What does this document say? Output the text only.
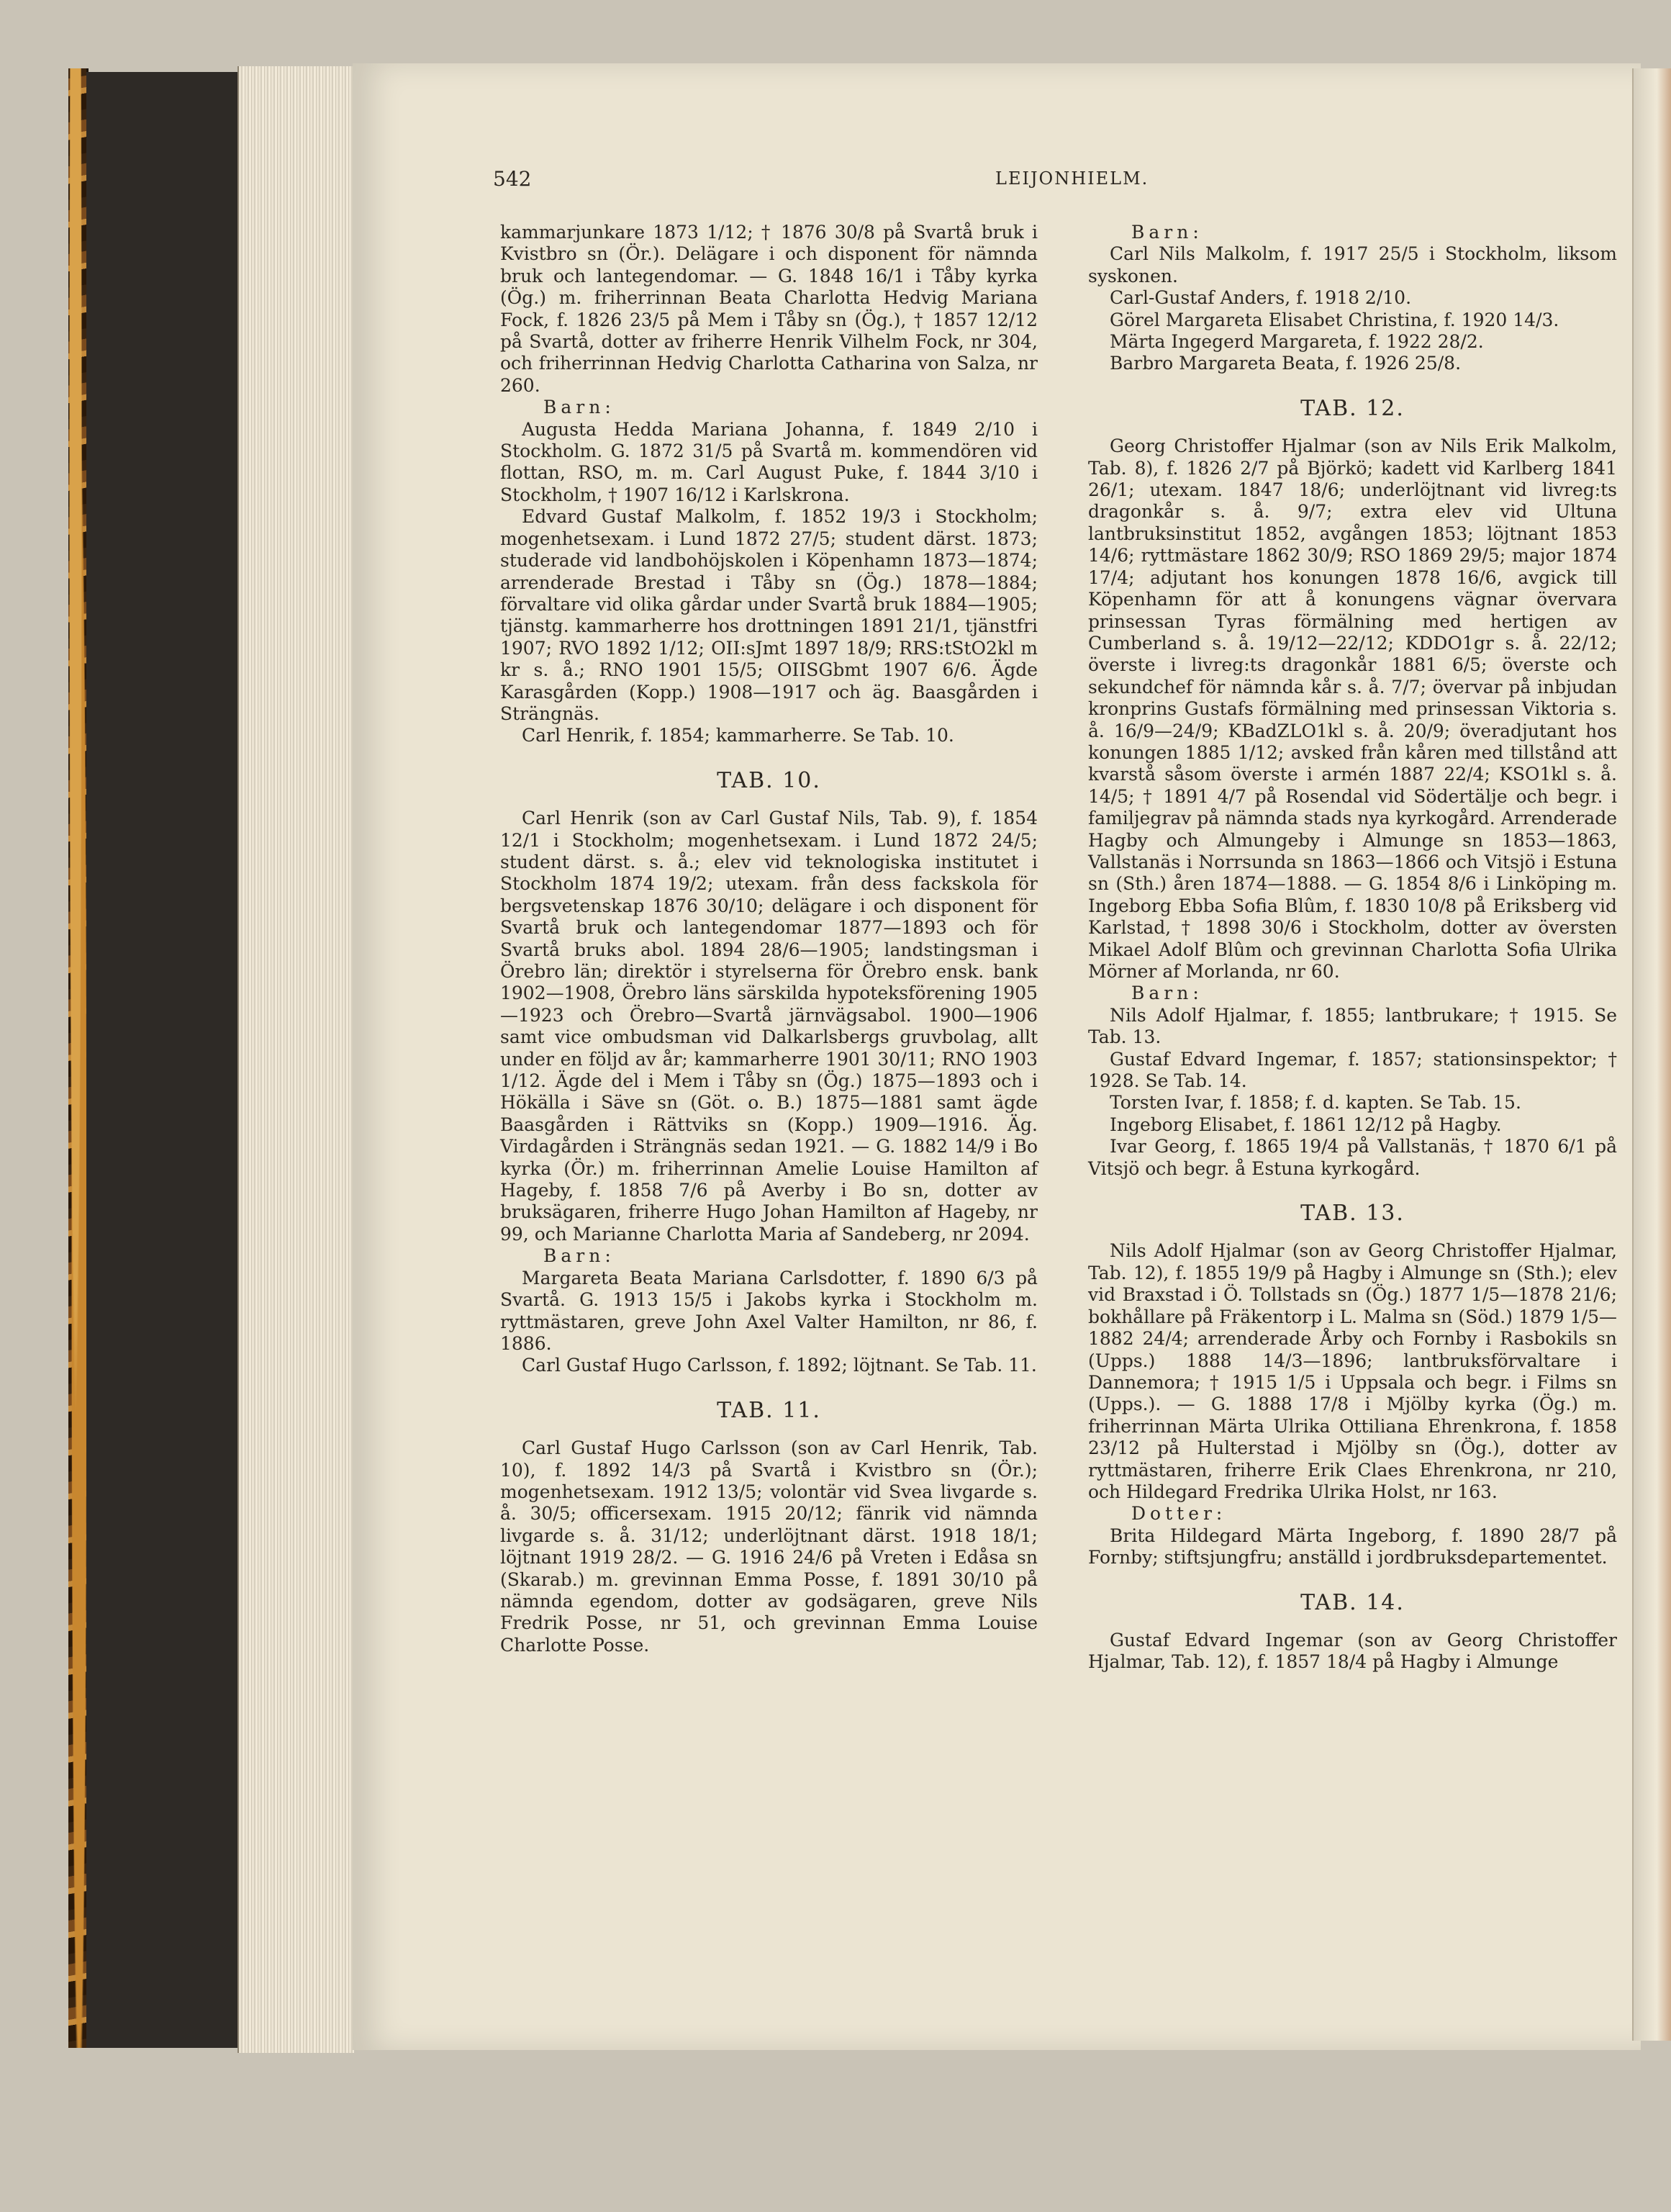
542	LEIJONHIELM.

kammarjunkare 1873 1/12; † 1876 30/8 på Svartå bruk i Kvistbro sn (Ör.). Delägare i och disponent för nämnda bruk och lantegendomar. — G. 1848 16/1 i Tåby kyrka (Ög.) m. friherrinnan Beata Charlotta Hedvig Mariana Fock, f. 1826 23/5 på Mem i Tåby sn (Ög.), † 1857 12/12 på Svartå, dotter av friherre Henrik Vilhelm Fock, nr 304, och friherrinnan Hedvig Charlotta Catharina von Salza, nr 260.

Barn:

Augusta Hedda Mariana Johanna, f. 1849 2/10 i Stockholm. G. 1872 31/5 på Svartå m. kommendören vid flottan, RSO, m. m. Carl August Puke, f. 1844 3/10 i Stockholm, † 1907 16/12 i Karlskrona.

Edvard Gustaf Malkolm, f. 1852 19/3 i Stockholm; mogenhetsexam. i Lund 1872 27/5; student därst. 1873; studerade vid landbohöjskolen i Köpenhamn 1873—1874; arrenderade Brestad i Tåby sn (Ög.) 1878—1884; förvaltare vid olika gårdar under Svartå bruk 1884—1905; tjänstg. kammarherre hos drottningen 1891 21/1, tjänstfri 1907; RVO 1892 1/12; OII:sJmt 1897 18/9; RRS:tStO2kl m kr s. å.; RNO 1901 15/5; OIISGbmt 1907 6/6. Ägde Karasgården (Kopp.) 1908—1917 och äg. Baasgården i Strängnäs.

Carl Henrik, f. 1854; kammarherre. Se Tab. 10.

TAB. 10.

Carl Henrik (son av Carl Gustaf Nils, Tab. 9), f. 1854 12/1 i Stockholm; mogenhetsexam. i Lund 1872 24/5; student därst. s. å.; elev vid teknologiska institutet i Stockholm 1874 19/2; utexam. från dess fackskola för bergsvetenskap 1876 30/10; delägare i och disponent för Svartå bruk och lantegendomar 1877—1893 och för Svartå bruks abol. 1894 28/6—1905; landstingsman i Örebro län; direktör i styrelserna för Örebro ensk. bank 1902—1908, Örebro läns särskilda hypoteksförening 1905—1923 och Örebro—Svartå järnvägsabol. 1900—1906 samt vice ombudsman vid Dalkarlsbergs gruvbolag, allt under en följd av år; kammarherre 1901 30/11; RNO 1903 1/12. Ägde del i Mem i Tåby sn (Ög.) 1875—1893 och i Hökälla i Säve sn (Göt. o. B.) 1875—1881 samt ägde Baasgården i Rättviks sn (Kopp.) 1909—1916. Äg. Virdagården i Strängnäs sedan 1921. — G. 1882 14/9 i Bo kyrka (Ör.) m. friherrinnan Amelie Louise Hamilton af Hageby, f. 1858 7/6 på Averby i Bo sn, dotter av bruksägaren, friherre Hugo Johan Hamilton af Hageby, nr 99, och Marianne Charlotta Maria af Sandeberg, nr 2094.

Barn:

Margareta Beata Mariana Carlsdotter, f. 1890 6/3 på Svartå. G. 1913 15/5 i Jakobs kyrka i Stockholm m. ryttmästaren, greve John Axel Valter Hamilton, nr 86, f. 1886.

Carl Gustaf Hugo Carlsson, f. 1892; löjtnant. Se Tab. 11.

TAB. 11.

Carl Gustaf Hugo Carlsson (son av Carl Henrik, Tab. 10), f. 1892 14/3 på Svartå i Kvistbro sn (Ör.); mogenhetsexam. 1912 13/5; volontär vid Svea livgarde s. å. 30/5; officersexam. 1915 20/12; fänrik vid nämnda livgarde s. å. 31/12; underlöjtnant därst. 1918 18/1; löjtnant 1919 28/2. — G. 1916 24/6 på Vreten i Edåsa sn (Skarab.) m. grevinnan Emma Posse, f. 1891 30/10 på nämnda egendom, dotter av godsägaren, greve Nils Fredrik Posse, nr 51, och grevinnan Emma Louise Charlotte Posse.

Barn:

Carl Nils Malkolm, f. 1917 25/5 i Stockholm, liksom syskonen.

Carl-Gustaf Anders, f. 1918 2/10.

Görel Margareta Elisabet Christina, f. 1920 14/3.

Märta Ingegerd Margareta, f. 1922 28/2.

Barbro Margareta Beata, f. 1926 25/8.

TAB. 12.

Georg Christoffer Hjalmar (son av Nils Erik Malkolm, Tab. 8), f. 1826 2/7 på Björkö; kadett vid Karlberg 1841 26/1; utexam. 1847 18/6; underlöjtnant vid livreg:ts dragonkår s. å. 9/7; extra elev vid Ultuna lantbruksinstitut 1852, avgången 1853; löjtnant 1853 14/6; ryttmästare 1862 30/9; RSO 1869 29/5; major 1874 17/4; adjutant hos konungen 1878 16/6, avgick till Köpenhamn för att å konungens vägnar övervara prinsessan Tyras förmälning med hertigen av Cumberland s. å. 19/12—22/12; KDDO1gr s. å. 22/12; överste i livreg:ts dragonkår 1881 6/5; överste och sekundchef för nämnda kår s. å. 7/7; övervar på inbjudan kronprins Gustafs förmälning med prinsessan Viktoria s. å. 16/9—24/9; KBadZLO1kl s. å. 20/9; överadjutant hos konungen 1885 1/12; avsked från kåren med tillstånd att kvarstå såsom överste i armén 1887 22/4; KSO1kl s. å. 14/5; † 1891 4/7 på Rosendal vid Södertälje och begr. i familjegrav på nämnda stads nya kyrkogård. Arrenderade Hagby och Almungeby i Almunge sn 1853—1863, Vallstanäs i Norrsunda sn 1863—1866 och Vitsjö i Estuna sn (Sth.) åren 1874—1888. — G. 1854 8/6 i Linköping m. Ingeborg Ebba Sofia Blûm, f. 1830 10/8 på Eriksberg vid Karlstad, † 1898 30/6 i Stockholm, dotter av översten Mikael Adolf Blûm och grevinnan Charlotta Sofia Ulrika Mörner af Morlanda, nr 60.

Barn:

Nils Adolf Hjalmar, f. 1855; lantbrukare; † 1915. Se Tab. 13.

Gustaf Edvard Ingemar, f. 1857; stationsinspektor; † 1928. Se Tab. 14.

Torsten Ivar, f. 1858; f. d. kapten. Se Tab. 15.

Ingeborg Elisabet, f. 1861 12/12 på Hagby.

Ivar Georg, f. 1865 19/4 på Vallstanäs, † 1870 6/1 på Vitsjö och begr. å Estuna kyrkogård.

TAB. 13.

Nils Adolf Hjalmar (son av Georg Christoffer Hjalmar, Tab. 12), f. 1855 19/9 på Hagby i Almunge sn (Sth.); elev vid Braxstad i Ö. Tollstads sn (Ög.) 1877 1/5—1878 21/6; bokhållare på Fräkentorp i L. Malma sn (Söd.) 1879 1/5— 1882 24/4; arrenderade Årby och Fornby i Rasbokils sn (Upps.) 1888 14/3—1896; lantbruksförvaltare i Dannemora; † 1915 1/5 i Uppsala och begr. i Films sn (Upps.). — G. 1888 17/8 i Mjölby kyrka (Ög.) m. friherrinnan Märta Ulrika Ottiliana Ehrenkrona, f. 1858 23/12 på Hulterstad i Mjölby sn (Ög.), dotter av ryttmästaren, friherre Erik Claes Ehrenkrona, nr 210, och Hildegard Fredrika Ulrika Holst, nr 163.

Dotter:

Brita Hildegard Märta Ingeborg, f. 1890 28/7 på Fornby; stiftsjungfru; anställd i jordbruksdepartementet.

TAB. 14.

Gustaf Edvard Ingemar (son av Georg Christoffer Hjalmar, Tab. 12), f. 1857 18/4 på Hagby i Almunge
